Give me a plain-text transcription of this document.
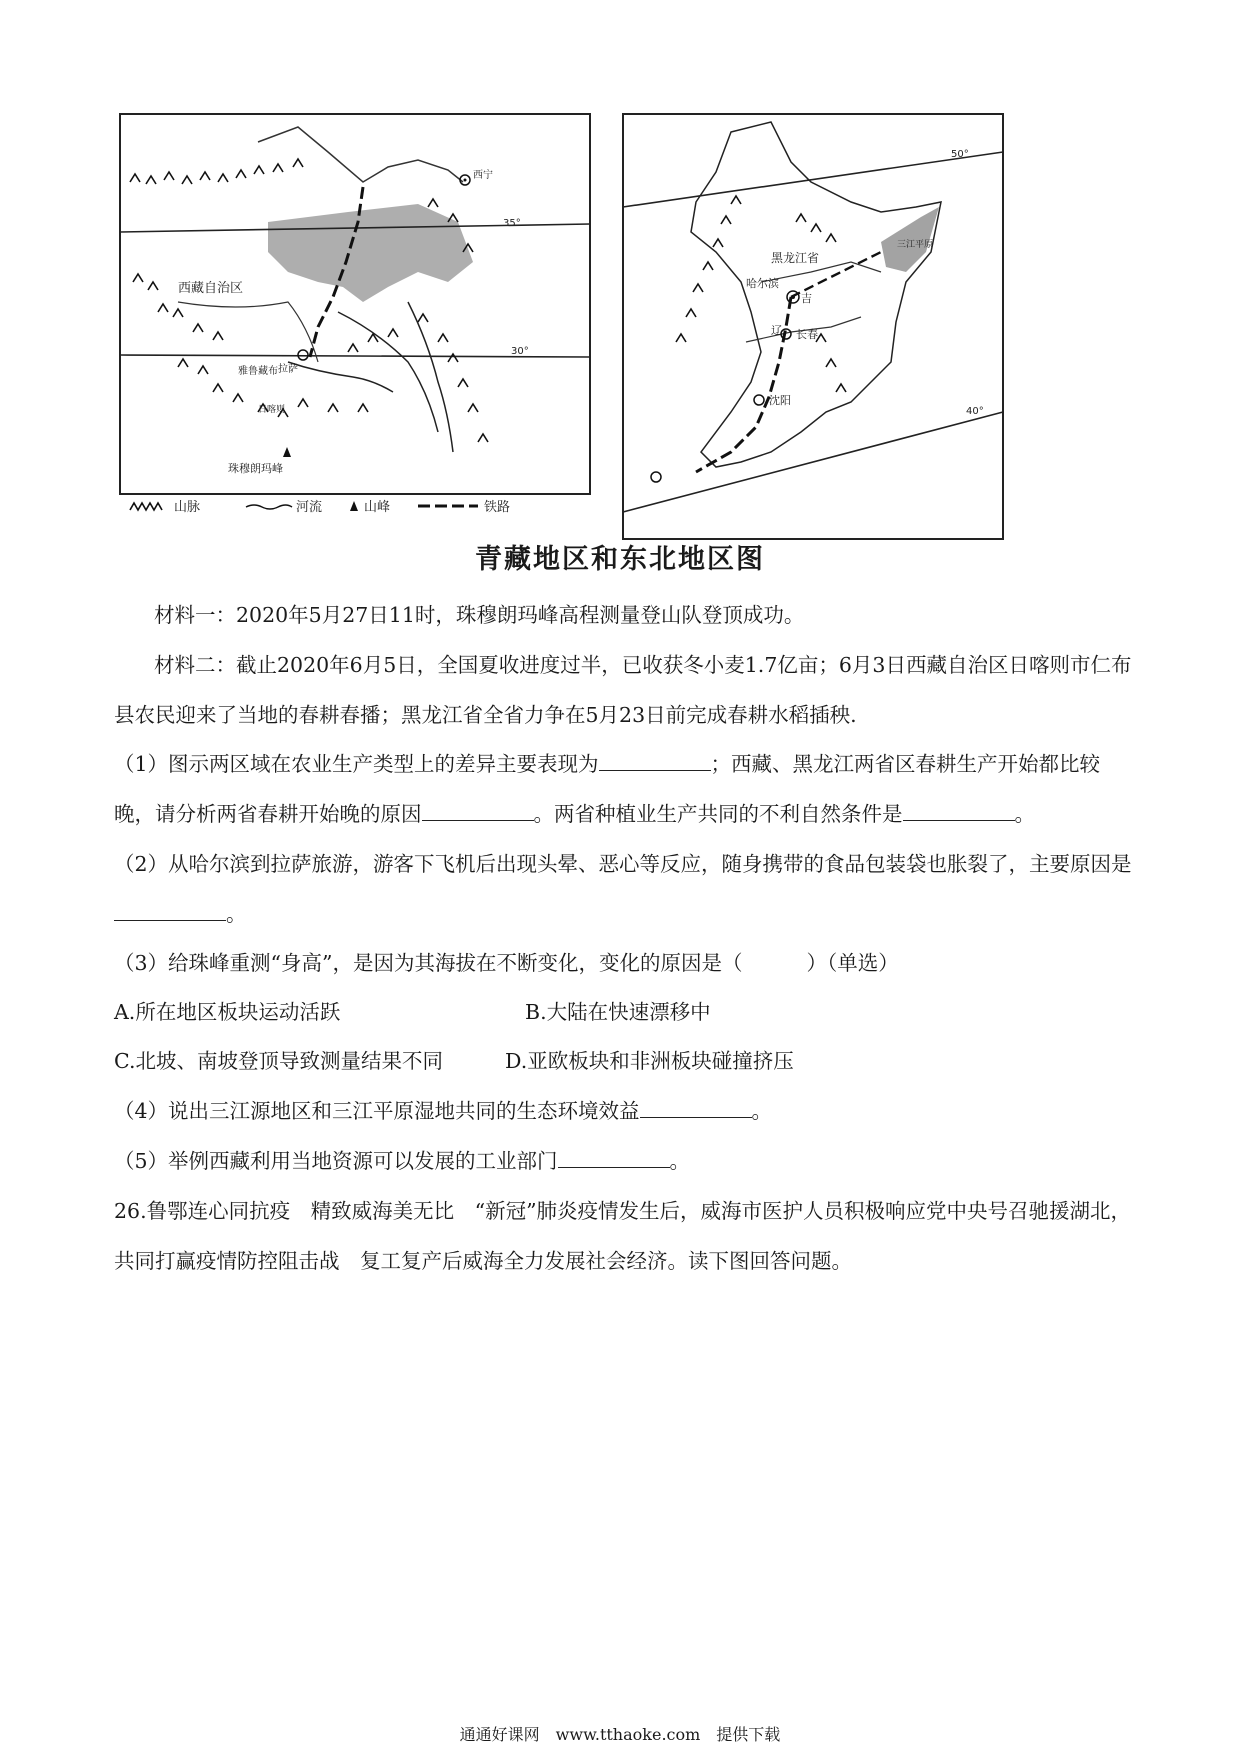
西藏自治区
西宁
35°
30°
拉萨
雅鲁藏布
日喀则
珠穆朗玛峰
50°
40°
黑龙江省
哈尔滨
吉
长春
辽
沈阳
三江平原
山脉	河流	山峰	铁路
青藏地区和东北地区图
材料一：2020年5月27日11时，珠穆朗玛峰高程测量登山队登顶成功。
材料二：截止2020年6月5日，全国夏收进度过半，已收获冬小麦1.7亿亩；6月3日西藏自治区日喀则市仁布县农民迎来了当地的春耕春播；黑龙江省全省力争在5月23日前完成春耕水稻插秧.
（1）图示两区域在农业生产类型上的差异主要表现为	；西藏、黑龙江两省区春耕生产开始都比较晚，请分析两省春耕开始晚的原因	。两省种植业生产共同的不利自然条件是	。
（2）从哈尔滨到拉萨旅游，游客下飞机后出现头晕、恶心等反应，随身携带的食品包装袋也胀裂了，主要原因是。
（3）给珠峰重测“身高”，是因为其海拔在不断变化，变化的原因是（	）（单选）
A.所在地区板块运动活跃	B.大陆在快速漂移中
C.北坡、南坡登顶导致测量结果不同	D.亚欧板块和非洲板块碰撞挤压
（4）说出三江源地区和三江平原湿地共同的生态环境效益	。
（5）举例西藏利用当地资源可以发展的工业部门	。
26.鲁鄂连心同抗疫　精致威海美无比　“新冠”肺炎疫情发生后，威海市医护人员积极响应党中央号召驰援湖北，共同打赢疫情防控阻击战　复工复产后威海全力发展社会经济。读下图回答问题。
通通好课网　www.tthaoke.com　提供下载
